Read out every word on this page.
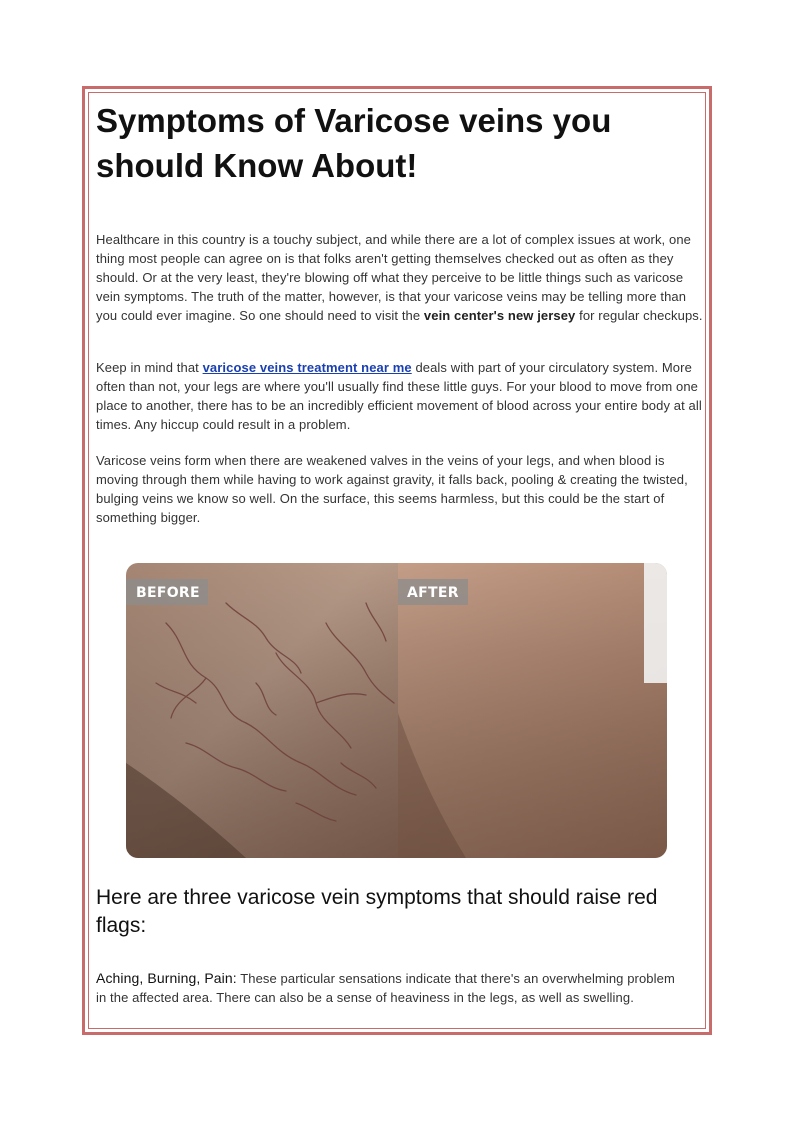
Symptoms of Varicose veins you should Know About!

Healthcare in this country is a touchy subject, and while there are a lot of complex issues at work, one thing most people can agree on is that folks aren't getting themselves checked out as often as they should. Or at the very least, they're blowing off what they perceive to be little things such as varicose vein symptoms. The truth of the matter, however, is that your varicose veins may be telling more than you could ever imagine. So one should need to visit the vein center's new jersey for regular checkups.

Keep in mind that varicose veins treatment near me deals with part of your circulatory system. More often than not, your legs are where you'll usually find these little guys. For your blood to move from one place to another, there has to be an incredibly efficient movement of blood across your entire body at all times. Any hiccup could result in a problem.

Varicose veins form when there are weakened valves in the veins of your legs, and when blood is moving through them while having to work against gravity, it falls back, pooling & creating the twisted, bulging veins we know so well. On the surface, this seems harmless, but this could be the start of something bigger.

BEFORE	AFTER
Here are three varicose vein symptoms that should raise red flags:

Aching, Burning, Pain: These particular sensations indicate that there's an overwhelming problem in the affected area. There can also be a sense of heaviness in the legs, as well as swelling.
